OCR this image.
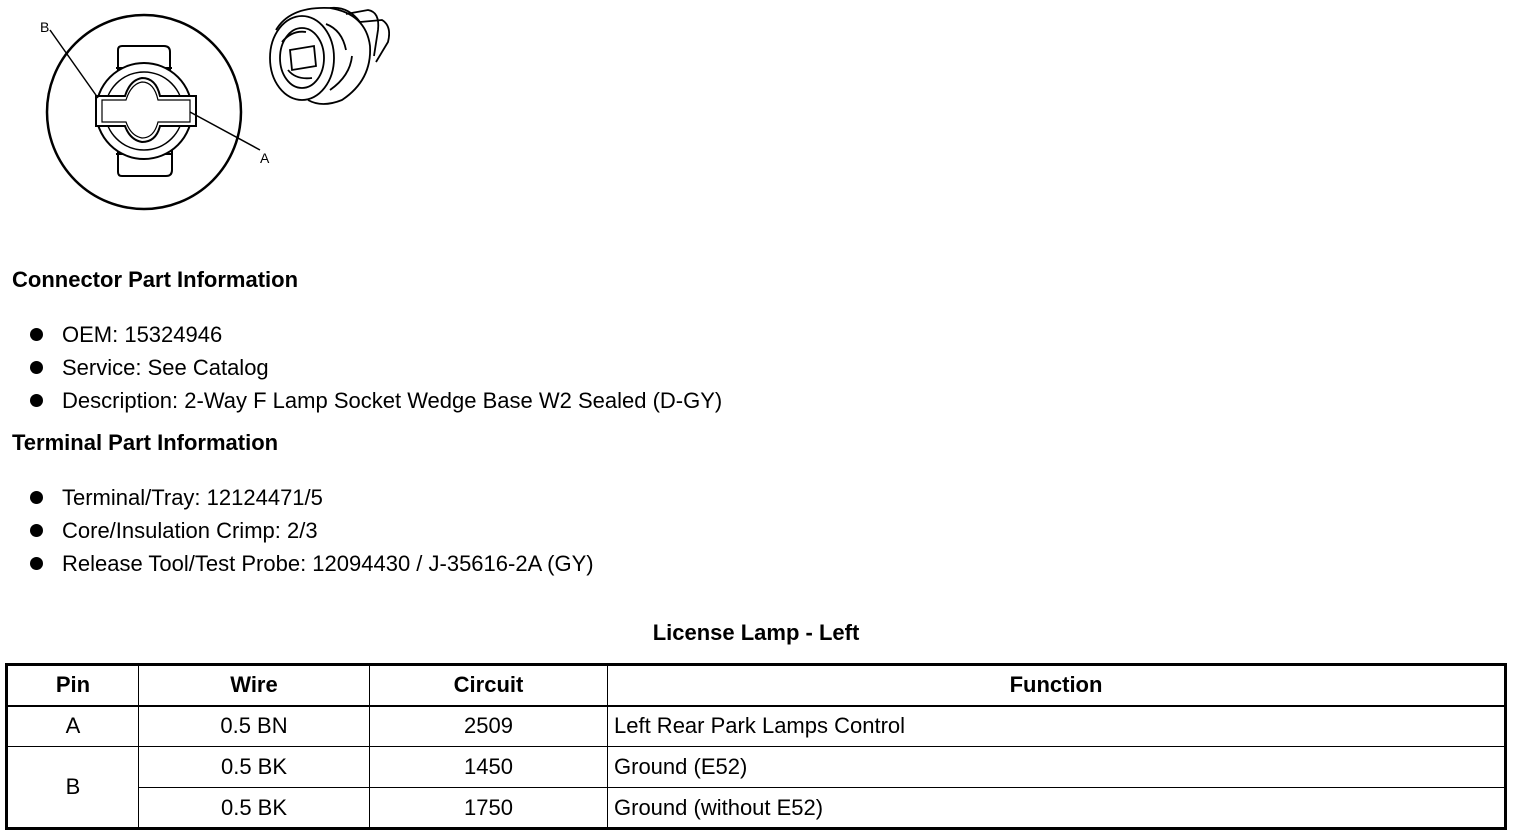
B
A
Connector Part Information
OEM: 15324946
Service: See Catalog
Description: 2-Way F Lamp Socket Wedge Base W2 Sealed (D-GY)
Terminal Part Information
Terminal/Tray: 12124471/5
Core/Insulation Crimp: 2/3
Release Tool/Test Probe: 12094430 / J-35616-2A (GY)
License Lamp - Left
Pin	Wire	Circuit	Function
A	0.5 BN	2509	Left Rear Park Lamps Control
B	0.5 BK	1450	Ground (E52)
	0.5 BK	1750	Ground (without E52)
